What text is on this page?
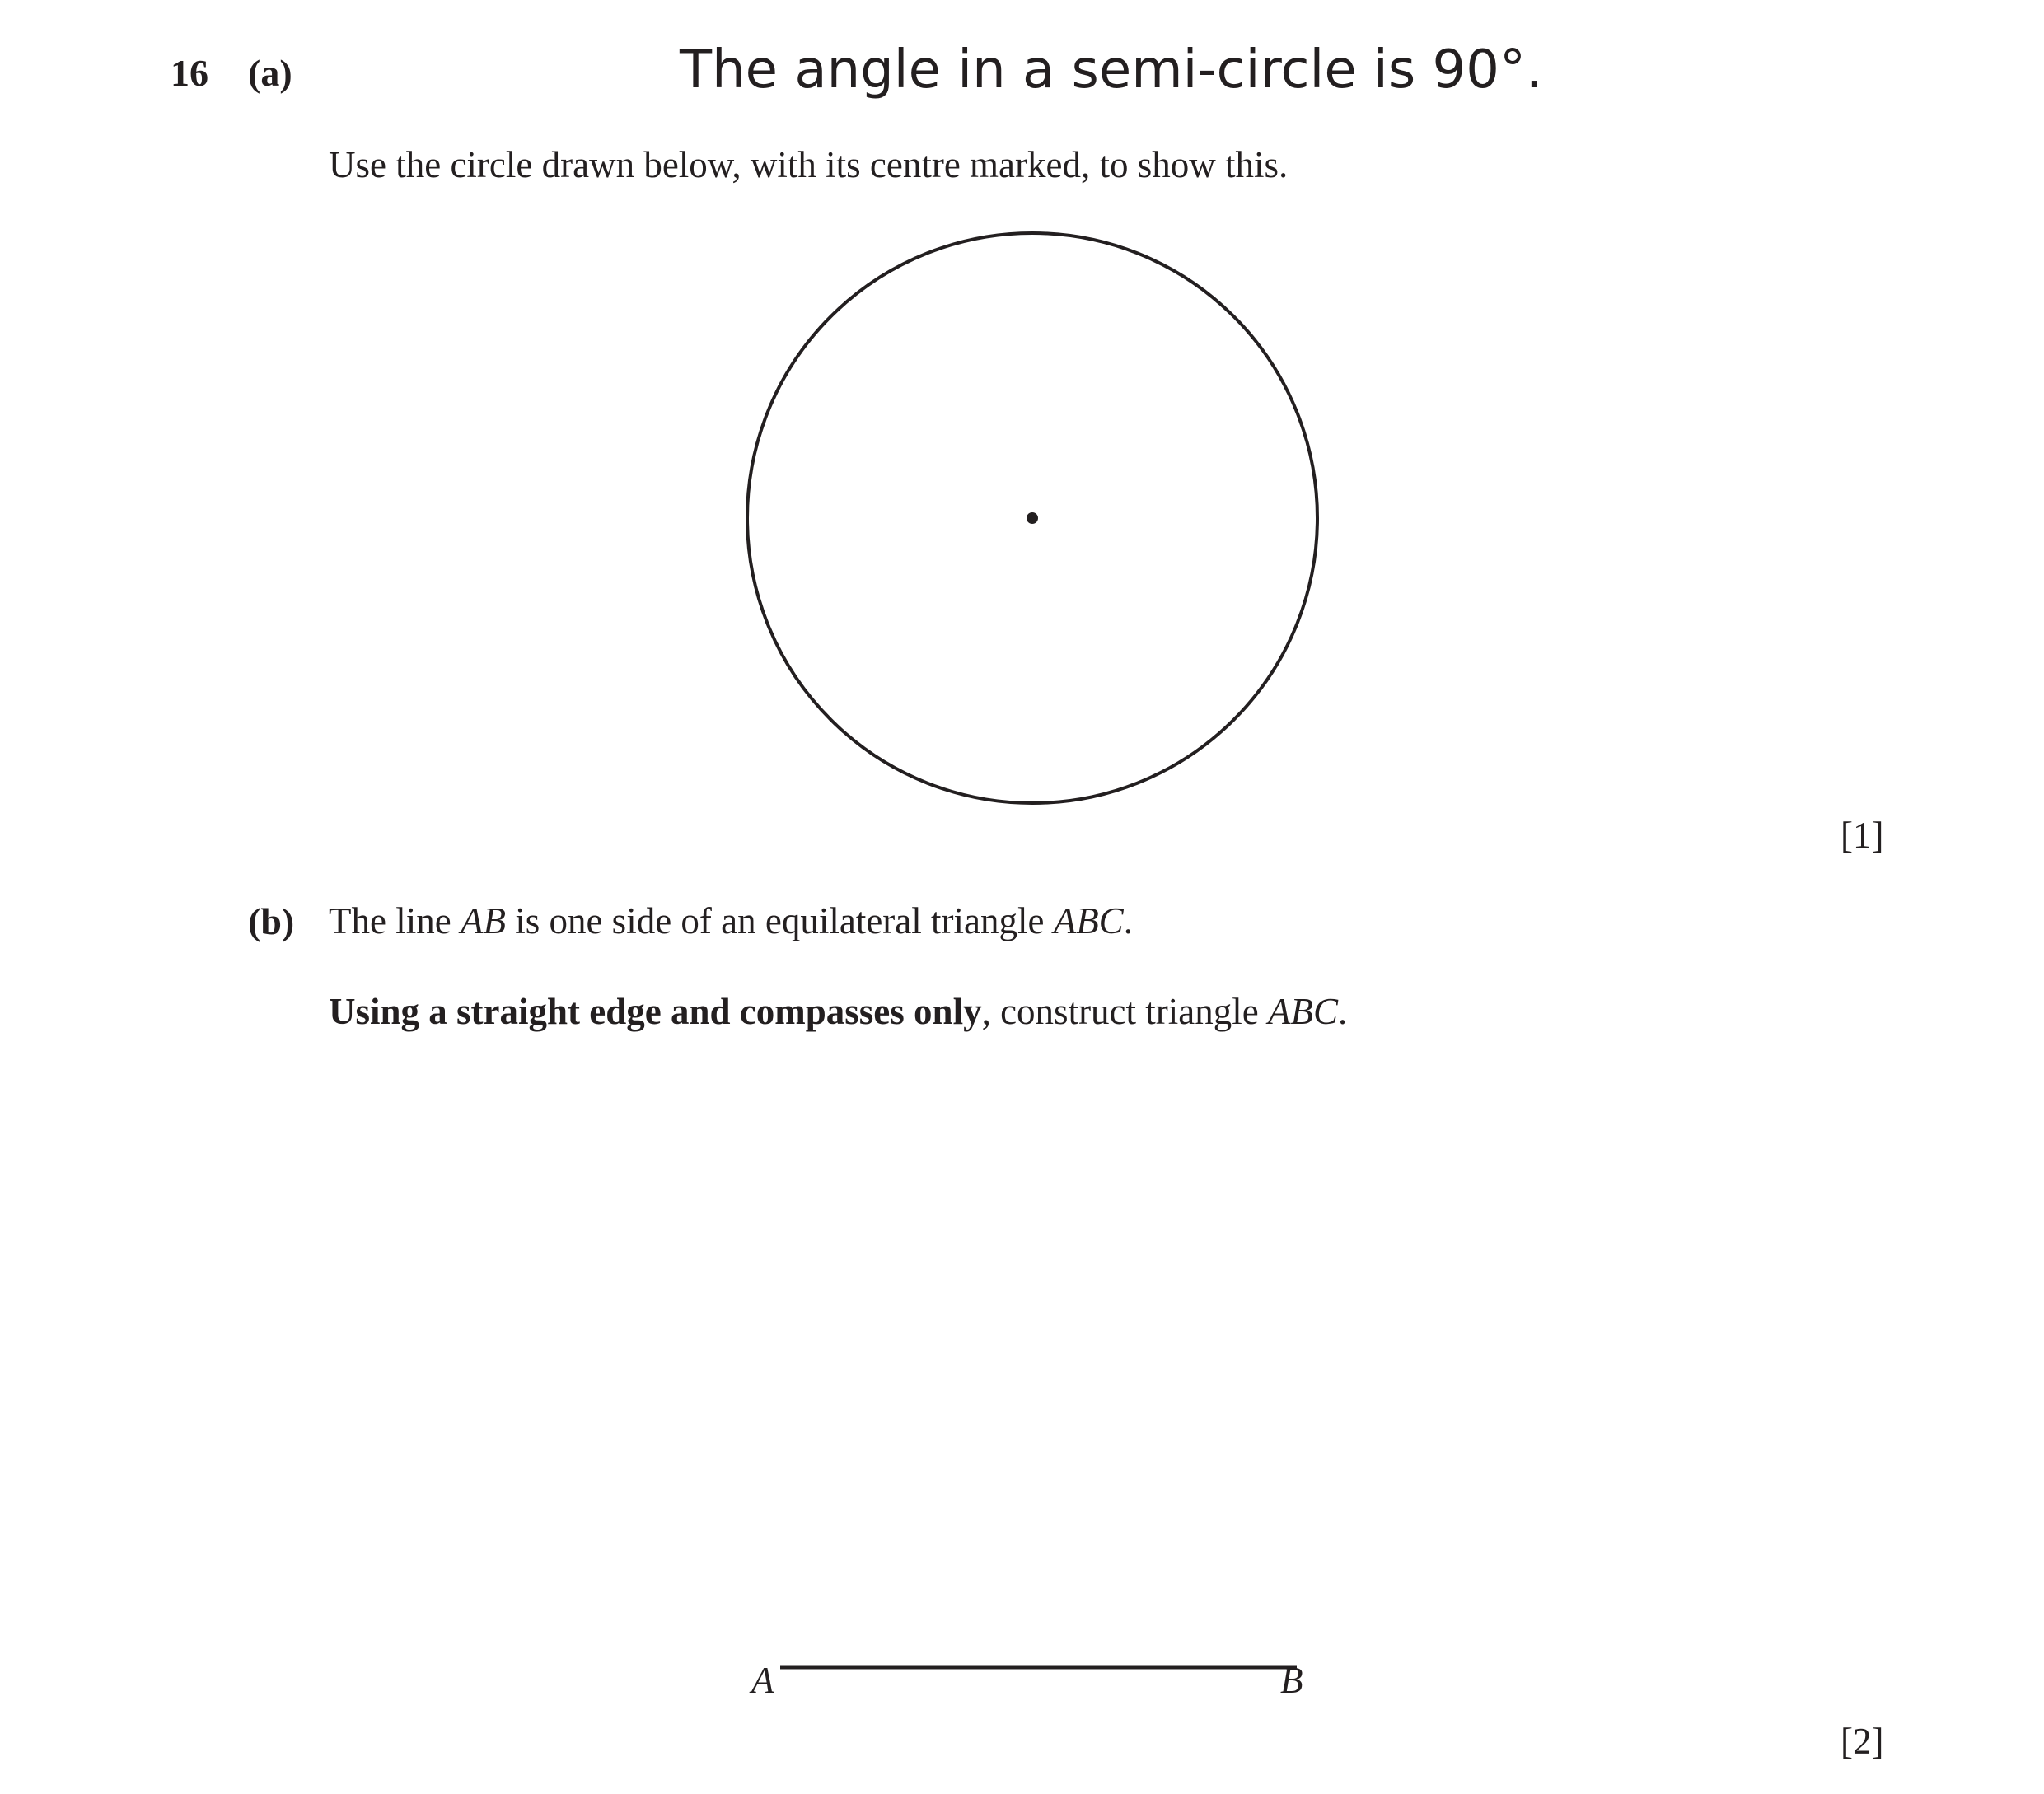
16 (a)	The angle in a semi-circle is 90°.
Use the circle drawn below, with its centre marked, to show this.
[1]
(b) The line AB is one side of an equilateral triangle ABC.
Using a straight edge and compasses only, construct triangle ABC.
A	B
[2]
